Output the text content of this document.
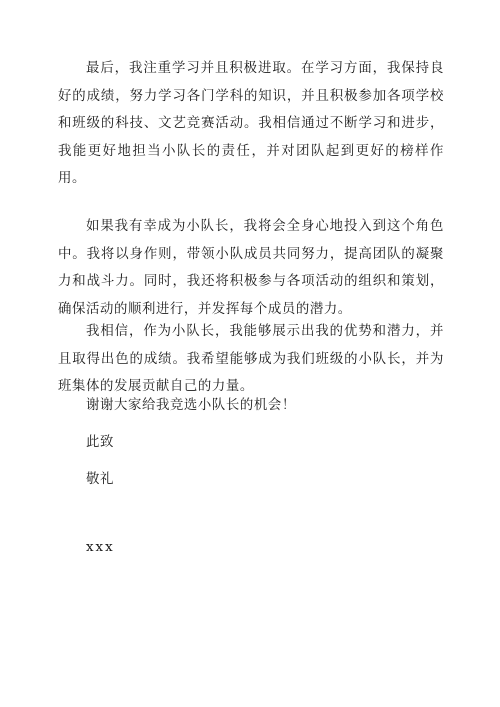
最后，我注重学习并且积极进取。在学习方面，我保持良好的成绩，努力学习各门学科的知识，并且积极参加各项学校和班级的科技、文艺竞赛活动。我相信通过不断学习和进步，我能更好地担当小队长的责任，并对团队起到更好的榜样作用。

如果我有幸成为小队长，我将会全身心地投入到这个角色中。我将以身作则，带领小队成员共同努力，提高团队的凝聚力和战斗力。同时，我还将积极参与各项活动的组织和策划，确保活动的顺利进行，并发挥每个成员的潜力。

我相信，作为小队长，我能够展示出我的优势和潜力，并且取得出色的成绩。我希望能够成为我们班级的小队长，并为班集体的发展贡献自己的力量。

谢谢大家给我竞选小队长的机会！

此致

敬礼

xxx
